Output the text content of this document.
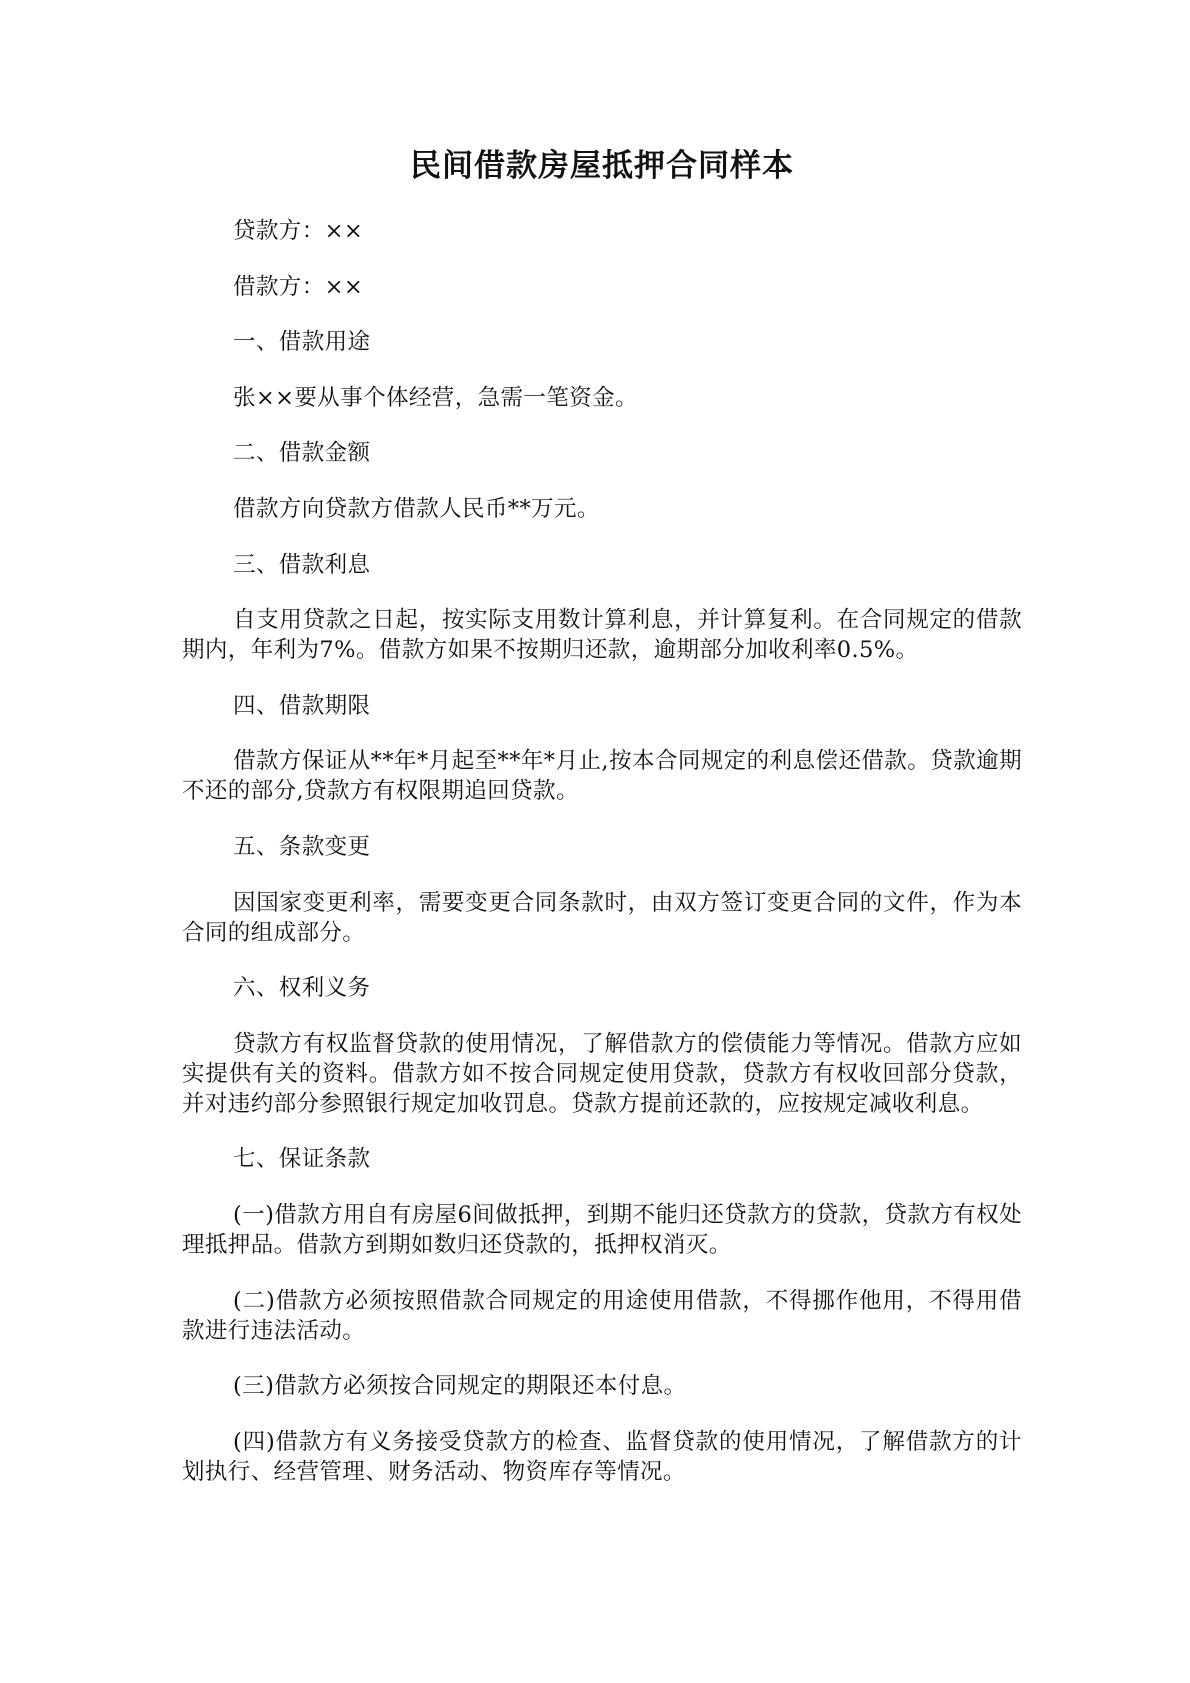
民间借款房屋抵押合同样本

贷款方：××

借款方：××

一、借款用途

张××要从事个体经营，急需一笔资金。

二、借款金额

借款方向贷款方借款人民币**万元。

三、借款利息

自支用贷款之日起，按实际支用数计算利息，并计算复利。在合同规定的借款期内，年利为7%。借款方如果不按期归还款，逾期部分加收利率0.5%。

四、借款期限

借款方保证从**年*月起至**年*月止,按本合同规定的利息偿还借款。贷款逾期不还的部分,贷款方有权限期追回贷款。

五、条款变更

因国家变更利率，需要变更合同条款时，由双方签订变更合同的文件，作为本合同的组成部分。

六、权利义务

贷款方有权监督贷款的使用情况，了解借款方的偿债能力等情况。借款方应如实提供有关的资料。借款方如不按合同规定使用贷款，贷款方有权收回部分贷款，并对违约部分参照银行规定加收罚息。贷款方提前还款的，应按规定减收利息。

七、保证条款

(一)借款方用自有房屋6间做抵押，到期不能归还贷款方的贷款，贷款方有权处理抵押品。借款方到期如数归还贷款的，抵押权消灭。

(二)借款方必须按照借款合同规定的用途使用借款，不得挪作他用，不得用借款进行违法活动。

(三)借款方必须按合同规定的期限还本付息。

(四)借款方有义务接受贷款方的检查、监督贷款的使用情况，了解借款方的计划执行、经营管理、财务活动、物资库存等情况。
